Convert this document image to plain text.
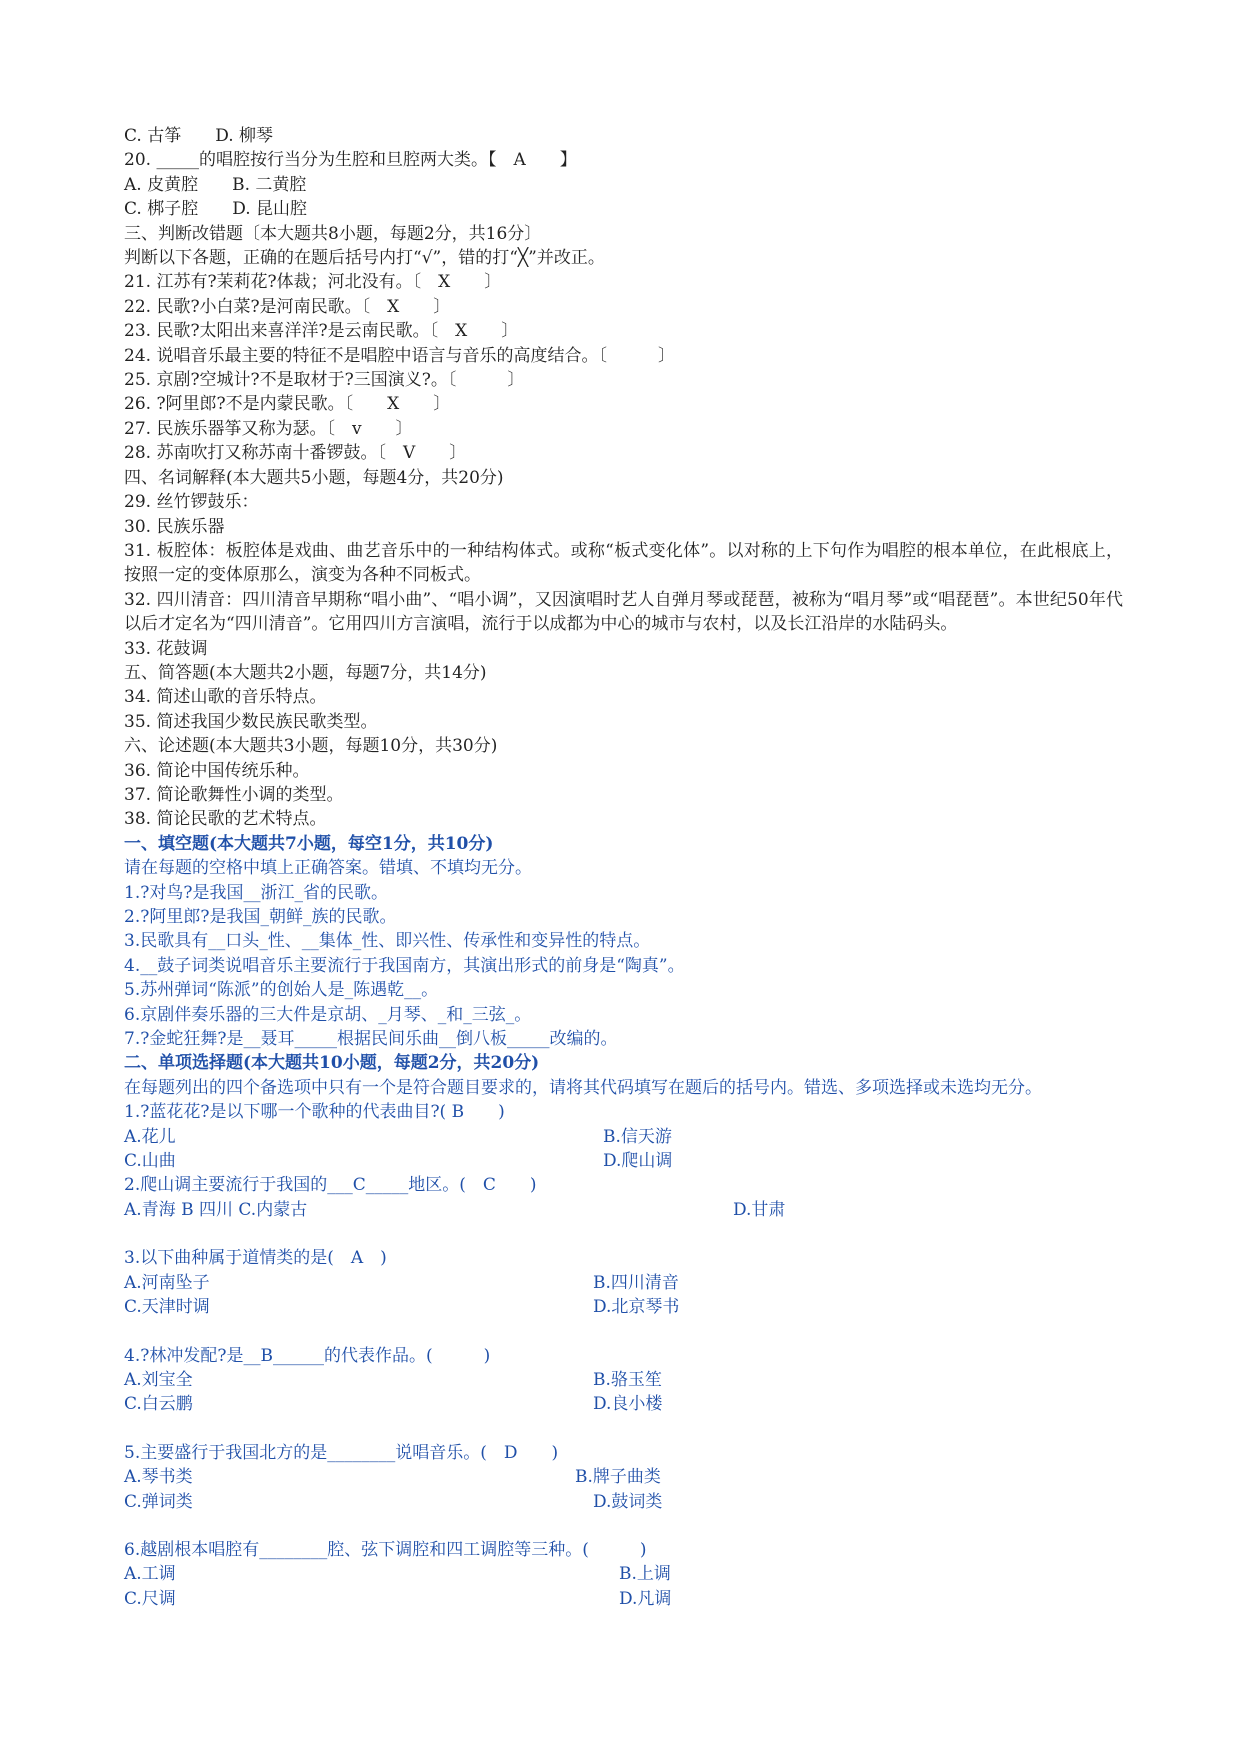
C. 古筝　　D. 柳琴

20. _____的唱腔按行当分为生腔和旦腔两大类。【　A　　】

A. 皮黄腔　　B. 二黄腔

C. 梆子腔　　D. 昆山腔

三、判断改错题〔本大题共8小题，每题2分，共16分〕

判断以下各题，正确的在题后括号内打“√”，错的打“╳”并改正。

21. 江苏有?茉莉花?体裁；河北没有。〔　X　　〕

22. 民歌?小白菜?是河南民歌。〔　X　　〕

23. 民歌?太阳出来喜洋洋?是云南民歌。〔　X　　〕

24. 说唱音乐最主要的特征不是唱腔中语言与音乐的高度结合。〔　　　〕

25. 京剧?空城计?不是取材于?三国演义?。〔　　　〕

26. ?阿里郎?不是内蒙民歌。〔　　X　　〕

27. 民族乐器筝又称为瑟。〔　v　　〕

28. 苏南吹打又称苏南十番锣鼓。〔　V　　〕

四、名词解释(本大题共5小题，每题4分，共20分)

29. 丝竹锣鼓乐：

30. 民族乐器

31. 板腔体：板腔体是戏曲、曲艺音乐中的一种结构体式。或称“板式变化体”。以对称的上下句作为唱腔的根本单位，在此根底上，按照一定的变体原那么，演变为各种不同板式。

32. 四川清音：四川清音早期称“唱小曲”、“唱小调”，又因演唱时艺人自弹月琴或琵琶，被称为“唱月琴”或“唱琵琶”。本世纪50年代以后才定名为“四川清音”。它用四川方言演唱，流行于以成都为中心的城市与农村，以及长江沿岸的水陆码头。

33. 花鼓调

五、简答题(本大题共2小题，每题7分，共14分)

34. 简述山歌的音乐特点。

35. 简述我国少数民族民歌类型。

六、论述题(本大题共3小题，每题10分，共30分)

36. 简论中国传统乐种。

37. 简论歌舞性小调的类型。

38. 简论民歌的艺术特点。

一、填空题(本大题共7小题，每空1分，共10分)

请在每题的空格中填上正确答案。错填、不填均无分。

1.?对鸟?是我国__浙江_省的民歌。

2.?阿里郎?是我国_朝鲜_族的民歌。

3.民歌具有__口头_性、__集体_性、即兴性、传承性和变异性的特点。

4.__鼓子词类说唱音乐主要流行于我国南方，其演出形式的前身是“陶真”。

5.苏州弹词“陈派”的创始人是_陈遇乾__。

6.京剧伴奏乐器的三大件是京胡、_月琴、_和_三弦_。

7.?金蛇狂舞?是__聂耳_____根据民间乐曲__倒八板_____改编的。

二、单项选择题(本大题共10小题，每题2分，共20分)

在每题列出的四个备选项中只有一个是符合题目要求的，请将其代码填写在题后的括号内。错选、多项选择或未选均无分。

1.?蓝花花?是以下哪一个歌种的代表曲目?( B　　)

A.花儿	B.信天游
C.山曲	D.爬山调

2.爬山调主要流行于我国的___C_____地区。(　C　　)

A.青海 B 四川 C.内蒙古	D.甘肃

3.以下曲种属于道情类的是(　A　)

A.河南坠子	B.四川清音
C.天津时调	D.北京琴书

4.?林冲发配?是__B______的代表作品。(　　　)

A.刘宝全	B.骆玉笙
C.白云鹏	D.良小楼

5.主要盛行于我国北方的是________说唱音乐。(　D　　)

A.琴书类	B.牌子曲类
C.弹词类	D.鼓词类

6.越剧根本唱腔有________腔、弦下调腔和四工调腔等三种。(　　　)

A.工调	B.上调
C.尺调	D.凡调
